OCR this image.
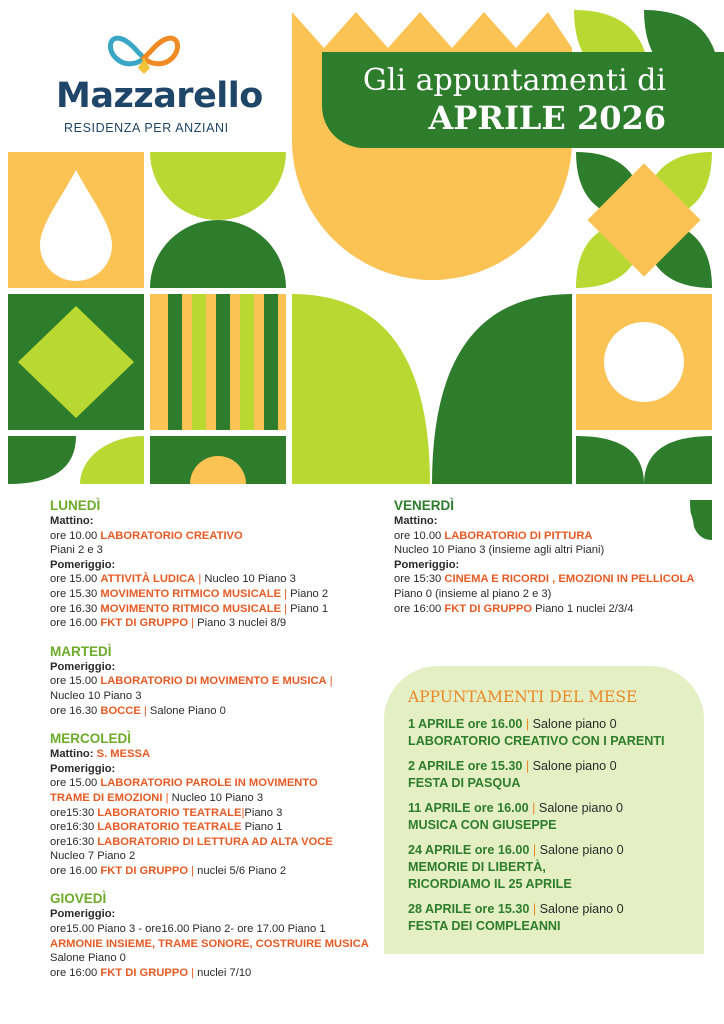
Mazzarello
RESIDENZA PER ANZIANI
Gli appuntamenti di
APRILE 2026
LUNEDÌ
Mattino:
ore 10.00 LABORATORIO CREATIVO
Piani 2 e 3
Pomeriggio:
ore 15.00 ATTIVITÀ LUDICA | Nucleo 10 Piano 3
ore 15.30 MOVIMENTO RITMICO MUSICALE | Piano 2
ore 16.30 MOVIMENTO RITMICO MUSICALE | Piano 1
ore 16.00 FKT DI GRUPPO | Piano 3 nuclei 8/9
MARTEDÌ
Pomeriggio:
ore 15.00 LABORATORIO DI MOVIMENTO E MUSICA |
Nucleo 10 Piano 3
ore 16.30 BOCCE | Salone Piano 0
MERCOLEDÌ
Mattino: S. MESSA
Pomeriggio:
ore 15.00 LABORATORIO PAROLE IN MOVIMENTO
TRAME DI EMOZIONI | Nucleo 10 Piano 3
ore15:30 LABORATORIO TEATRALE|Piano 3
ore16:30 LABORATORIO TEATRALE Piano 1
ore16:30 LABORATORIO DI LETTURA AD ALTA VOCE
Nucleo 7 Piano 2
ore 16.00 FKT DI GRUPPO | nuclei 5/6 Piano 2
GIOVEDÌ
Pomeriggio:
ore15.00 Piano 3 - ore16.00 Piano 2- ore 17.00 Piano 1
ARMONIE INSIEME, TRAME SONORE, COSTRUIRE MUSICA
Salone Piano 0
ore 16:00 FKT DI GRUPPO | nuclei 7/10
VENERDÌ
Mattino:
ore 10.00 LABORATORIO DI PITTURA
Nucleo 10 Piano 3 (insieme agli altri Piani)
Pomeriggio:
ore 15:30 CINEMA E RICORDI , EMOZIONI IN PELLICOLA
Piano 0 (insieme al piano 2 e 3)
ore 16:00 FKT DI GRUPPO Piano 1 nuclei 2/3/4
APPUNTAMENTI DEL MESE
1 APRILE ore 16.00 | Salone piano 0
LABORATORIO CREATIVO CON I PARENTI
2 APRILE ore 15.30 | Salone piano 0
FESTA DI PASQUA
11 APRILE ore 16.00 | Salone piano 0
MUSICA CON GIUSEPPE
24 APRILE ore 16.00 | Salone piano 0
MEMORIE DI LIBERTÀ,
RICORDIAMO IL 25 APRILE
28 APRILE ore 15.30 | Salone piano 0
FESTA DEI COMPLEANNI
